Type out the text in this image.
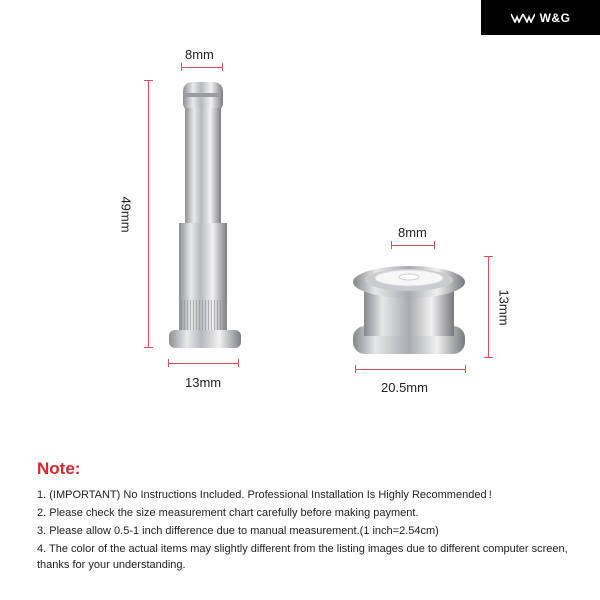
W&G
8mm
49mm
13mm
8mm
13mm
20.5mm
Note:

1. (IMPORTANT) No Instructions Included. Professional Installation Is Highly Recommended !

2. Please check the size measurement chart carefully before making payment.

3. Please allow 0.5-1 inch difference due to manual measurement.(1 inch=2.54cm)

4. The color of the actual items may slightly different from the listing images due to different computer screen, thanks for your understanding.
